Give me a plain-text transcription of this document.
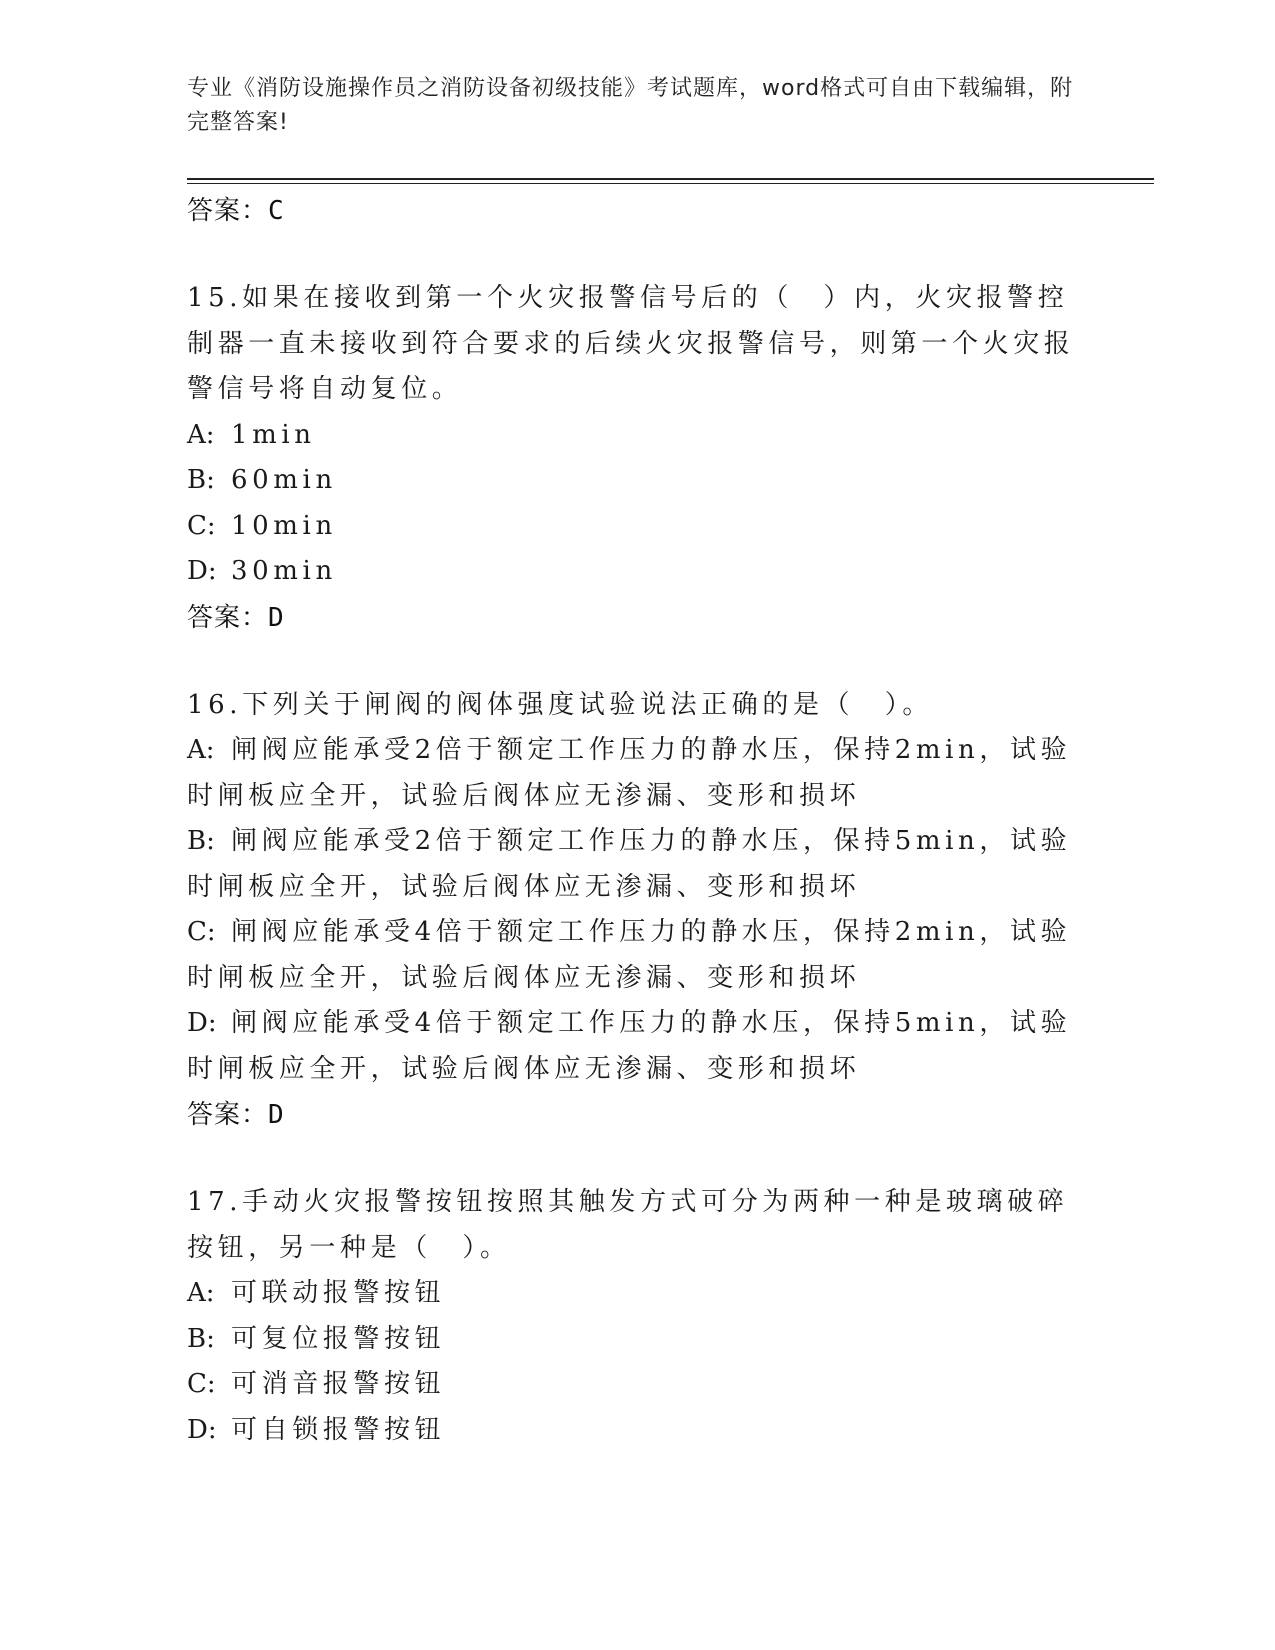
专业《消防设施操作员之消防设备初级技能》考试题库，word格式可自由下载编辑，附完整答案!

答案：C

15.如果在接收到第一个火灾报警信号后的（　）内，火灾报警控制器一直未接收到符合要求的后续火灾报警信号，则第一个火灾报警信号将自动复位。

A: 1min

B: 60min

C: 10min

D: 30min

答案：D

16.下列关于闸阀的阀体强度试验说法正确的是（　）。

A: 闸阀应能承受2倍于额定工作压力的静水压，保持2min，试验时闸板应全开，试验后阀体应无渗漏、变形和损坏

B: 闸阀应能承受2倍于额定工作压力的静水压，保持5min，试验时闸板应全开，试验后阀体应无渗漏、变形和损坏

C: 闸阀应能承受4倍于额定工作压力的静水压，保持2min，试验时闸板应全开，试验后阀体应无渗漏、变形和损坏

D: 闸阀应能承受4倍于额定工作压力的静水压，保持5min，试验时闸板应全开，试验后阀体应无渗漏、变形和损坏

答案：D

17.手动火灾报警按钮按照其触发方式可分为两种一种是玻璃破碎按钮，另一种是（　）。

A: 可联动报警按钮

B: 可复位报警按钮

C: 可消音报警按钮

D: 可自锁报警按钮
